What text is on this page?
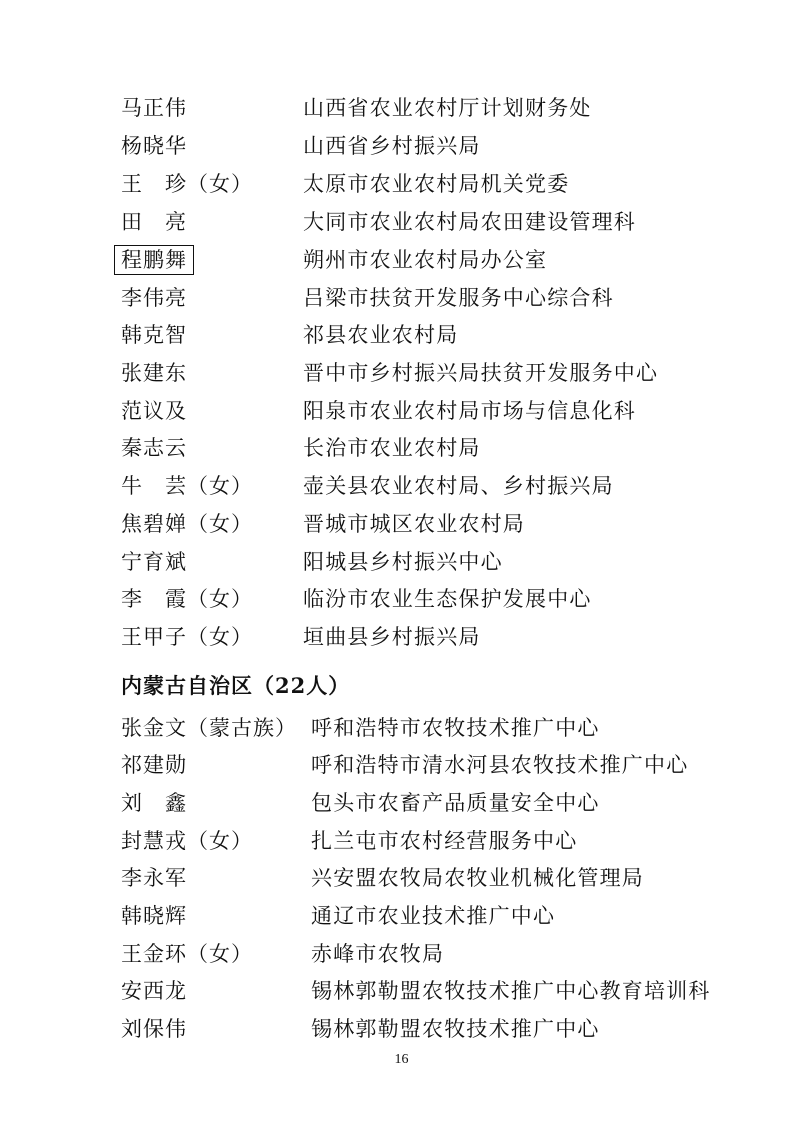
马正伟	山西省农业农村厅计划财务处
杨晓华	山西省乡村振兴局
王　珍（女） 太原市农业农村局机关党委
田　亮	大同市农业农村局农田建设管理科
程鹏舞	朔州市农业农村局办公室
李伟亮	吕梁市扶贫开发服务中心综合科
韩克智	祁县农业农村局
张建东	晋中市乡村振兴局扶贫开发服务中心
范议及	阳泉市农业农村局市场与信息化科
秦志云	长治市农业农村局
牛　芸（女） 壶关县农业农村局、乡村振兴局
焦碧婵（女） 晋城市城区农业农村局
宁育斌	阳城县乡村振兴中心
李　霞（女） 临汾市农业生态保护发展中心
王甲子（女） 垣曲县乡村振兴局
内蒙古自治区（22人）
张金文（蒙古族） 呼和浩特市农牧技术推广中心
祁建勋	呼和浩特市清水河县农牧技术推广中心
刘　鑫	包头市农畜产品质量安全中心
封慧戎（女）	扎兰屯市农村经营服务中心
李永军	兴安盟农牧局农牧业机械化管理局
韩晓辉	通辽市农业技术推广中心
王金环（女）	赤峰市农牧局
安西龙	锡林郭勒盟农牧技术推广中心教育培训科
刘保伟	锡林郭勒盟农牧技术推广中心
16
